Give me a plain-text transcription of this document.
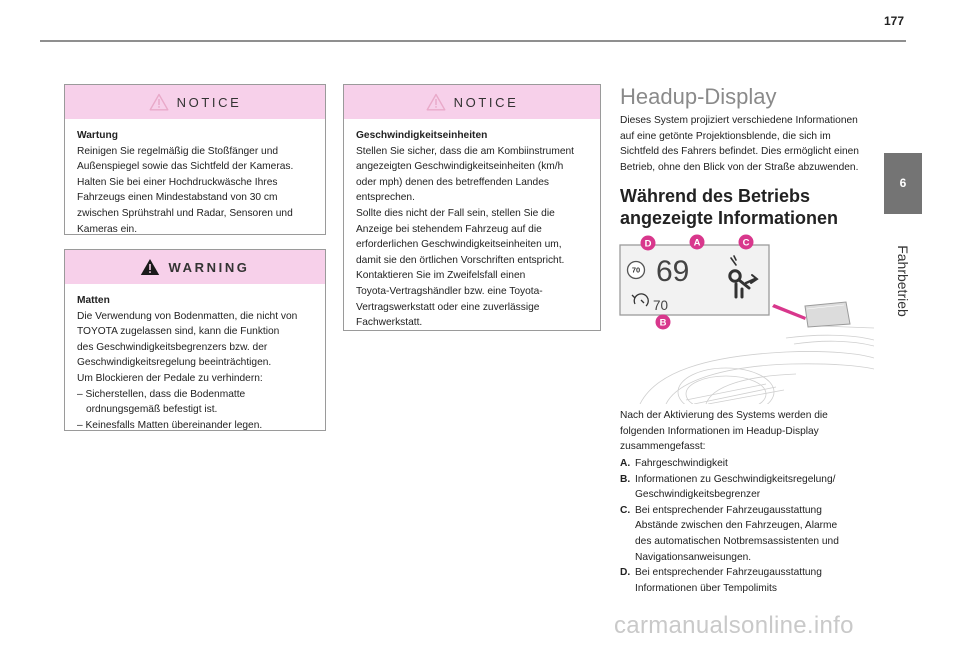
177
6
Fahrbetrieb
NOTICE
Wartung
Reinigen Sie regelmäßig die Stoßfänger und
Außenspiegel sowie das Sichtfeld der Kameras.
Halten Sie bei einer Hochdruckwäsche Ihres
Fahrzeugs einen Mindestabstand von 30 cm
zwischen Sprühstrahl und Radar, Sensoren und
Kameras ein.
WARNING
Matten
Die Verwendung von Bodenmatten, die nicht von
TOYOTA zugelassen sind, kann die Funktion
des Geschwindigkeitsbegrenzers bzw. der
Geschwindigkeitsregelung beeinträchtigen.
Um Blockieren der Pedale zu verhindern:
– Sicherstellen, dass die Bodenmatte
ordnungsgemäß befestigt ist.
– Keinesfalls Matten übereinander legen.
NOTICE
Geschwindigkeitseinheiten
Stellen Sie sicher, dass die am Kombiinstrument
angezeigten Geschwindigkeitseinheiten (km/h
oder mph) denen des betreffenden Landes
entsprechen.
Sollte dies nicht der Fall sein, stellen Sie die
Anzeige bei stehendem Fahrzeug auf die
erforderlichen Geschwindigkeitseinheiten um,
damit sie den örtlichen Vorschriften entspricht.
Kontaktieren Sie im Zweifelsfall einen
Toyota-Vertragshändler bzw. eine Toyota-
Vertragswerkstatt oder eine zuverlässige
Fachwerkstatt.
Headup-Display
Dieses System projiziert verschiedene Informationen
auf eine getönte Projektionsblende, die sich im
Sichtfeld des Fahrers befindet. Dies ermöglicht einen
Betrieb, ohne den Blick von der Straße abzuwenden.
Während des Betriebs
angezeigte Informationen
70 69
70
D	A	C
B
Nach der Aktivierung des Systems werden die
folgenden Informationen im Headup-Display
zusammengefasst:
A. Fahrgeschwindigkeit
B. Informationen zu Geschwindigkeitsregelung/
Geschwindigkeitsbegrenzer
C. Bei entsprechender Fahrzeugausstattung
Abstände zwischen den Fahrzeugen, Alarme
des automatischen Notbremsassistenten und
Navigationsanweisungen.
D. Bei entsprechender Fahrzeugausstattung
Informationen über Tempolimits
carmanualsonline.info
